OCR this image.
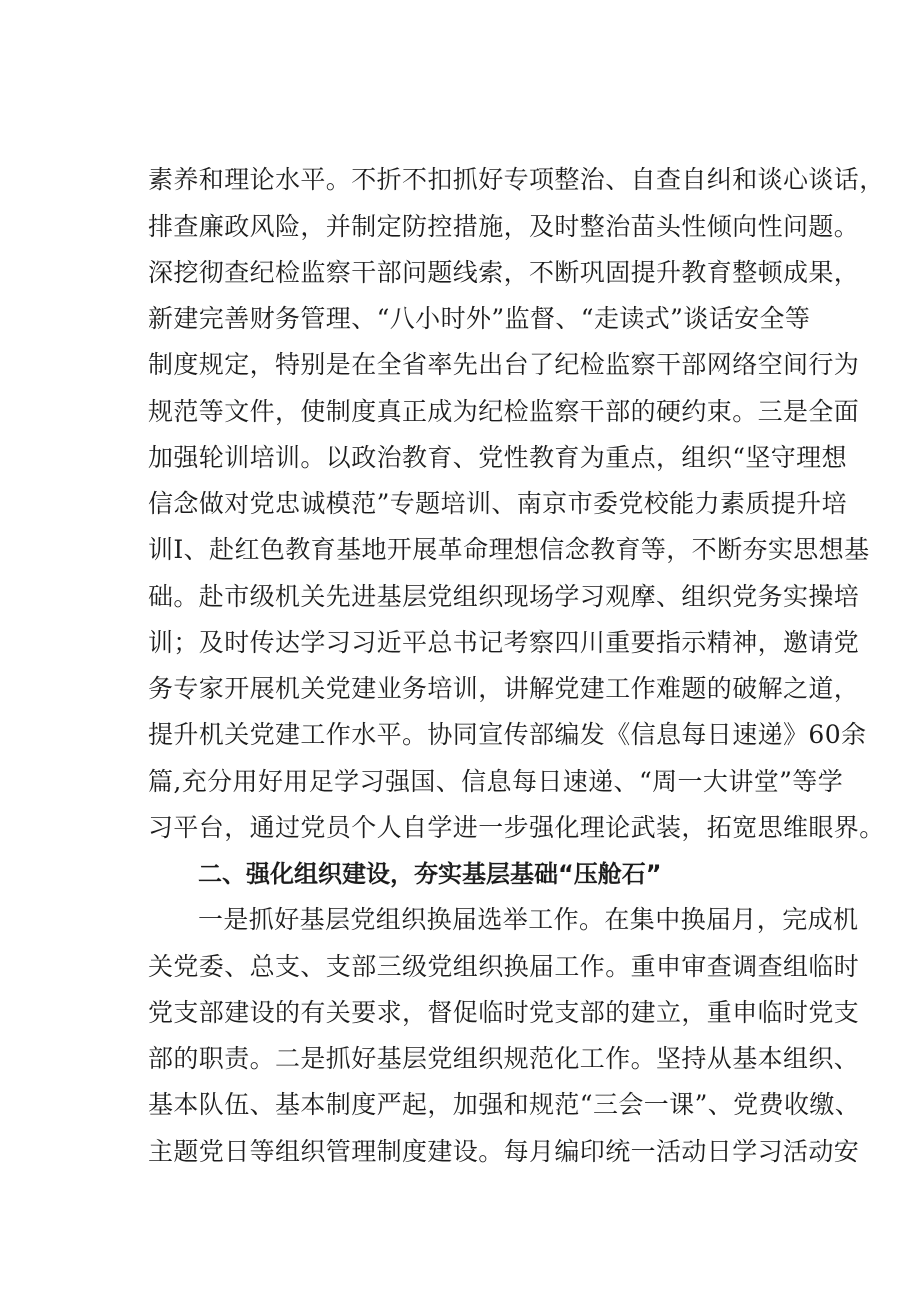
素养和理论水平。不折不扣抓好专项整治、自查自纠和谈心谈话，
排查廉政风险，并制定防控措施，及时整治苗头性倾向性问题。
深挖彻查纪检监察干部问题线索，不断巩固提升教育整顿成果，
新建完善财务管理、“八小时外”监督、“走读式”谈话安全等
制度规定，特别是在全省率先出台了纪检监察干部网络空间行为
规范等文件，使制度真正成为纪检监察干部的硬约束。三是全面
加强轮训培训。以政治教育、党性教育为重点，组织“坚守理想
信念做对党忠诚模范”专题培训、南京市委党校能力素质提升培
训I、赴红色教育基地开展革命理想信念教育等，不断夯实思想基
础。赴市级机关先进基层党组织现场学习观摩、组织党务实操培
训；及时传达学习习近平总书记考察四川重要指示精神，邀请党
务专家开展机关党建业务培训，讲解党建工作难题的破解之道，
提升机关党建工作水平。协同宣传部编发《信息每日速递》60余
篇,充分用好用足学习强国、信息每日速递、“周一大讲堂”等学
习平台，通过党员个人自学进一步强化理论武装，拓宽思维眼界。
二、强化组织建设，夯实基层基础“压舱石”
一是抓好基层党组织换届选举工作。在集中换届月，完成机
关党委、总支、支部三级党组织换届工作。重申审查调查组临时
党支部建设的有关要求，督促临时党支部的建立，重申临时党支
部的职责。二是抓好基层党组织规范化工作。坚持从基本组织、
基本队伍、基本制度严起，加强和规范“三会一课”、党费收缴、
主题党日等组织管理制度建设。每月编印统一活动日学习活动安
